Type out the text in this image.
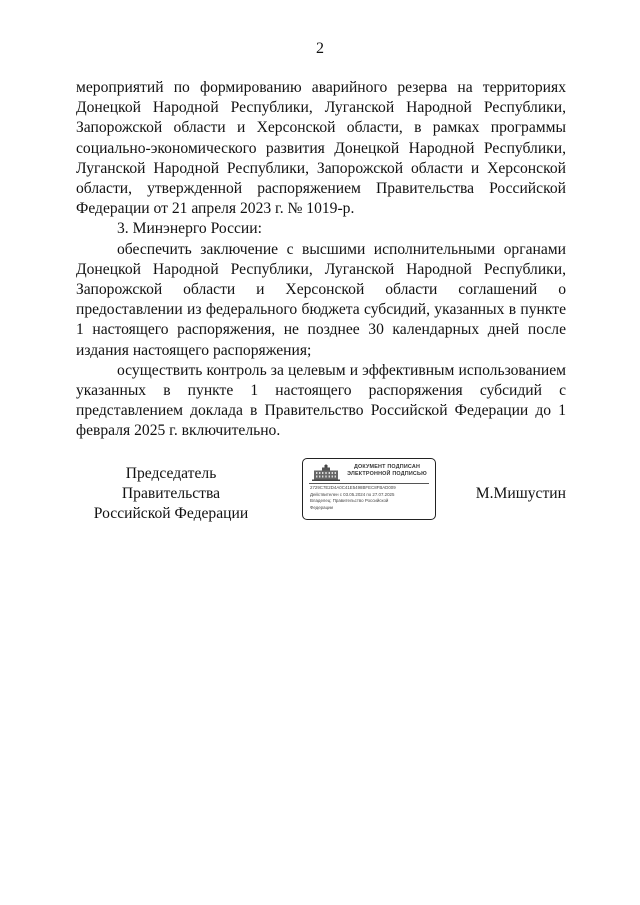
2

мероприятий по формированию аварийного резерва на территориях Донецкой Народной Республики, Луганской Народной Республики, Запорожской области и Херсонской области, в рамках программы социально-экономического развития Донецкой Народной Республики, Луганской Народной Республики, Запорожской области и Херсонской области, утвержденной распоряжением Правительства Российской Федерации от 21 апреля 2023 г. № 1019-р.

3. Минэнерго России:

обеспечить заключение с высшими исполнительными органами Донецкой Народной Республики, Луганской Народной Республики, Запорожской области и Херсонской области соглашений о предоставлении из федерального бюджета субсидий, указанных в пункте 1 настоящего распоряжения, не позднее 30 календарных дней после издания настоящего распоряжения;

осуществить контроль за целевым и эффективным использованием указанных в пункте 1 настоящего распоряжения субсидий с представлением доклада в Правительство Российской Федерации до 1 февраля 2025 г. включительно.

Председатель Правительства
Российской Федерации
ДОКУМЕНТ ПОДПИСАН
ЭЛЕКТРОННОЙ ПОДПИСЬЮ
2729C7E2D4A0C41E5498BFEC8FBAD009
Действителен с 03.05.2024 по 27.07.2025
Владелец: Правительство Российской
Федерации
М.Мишустин
